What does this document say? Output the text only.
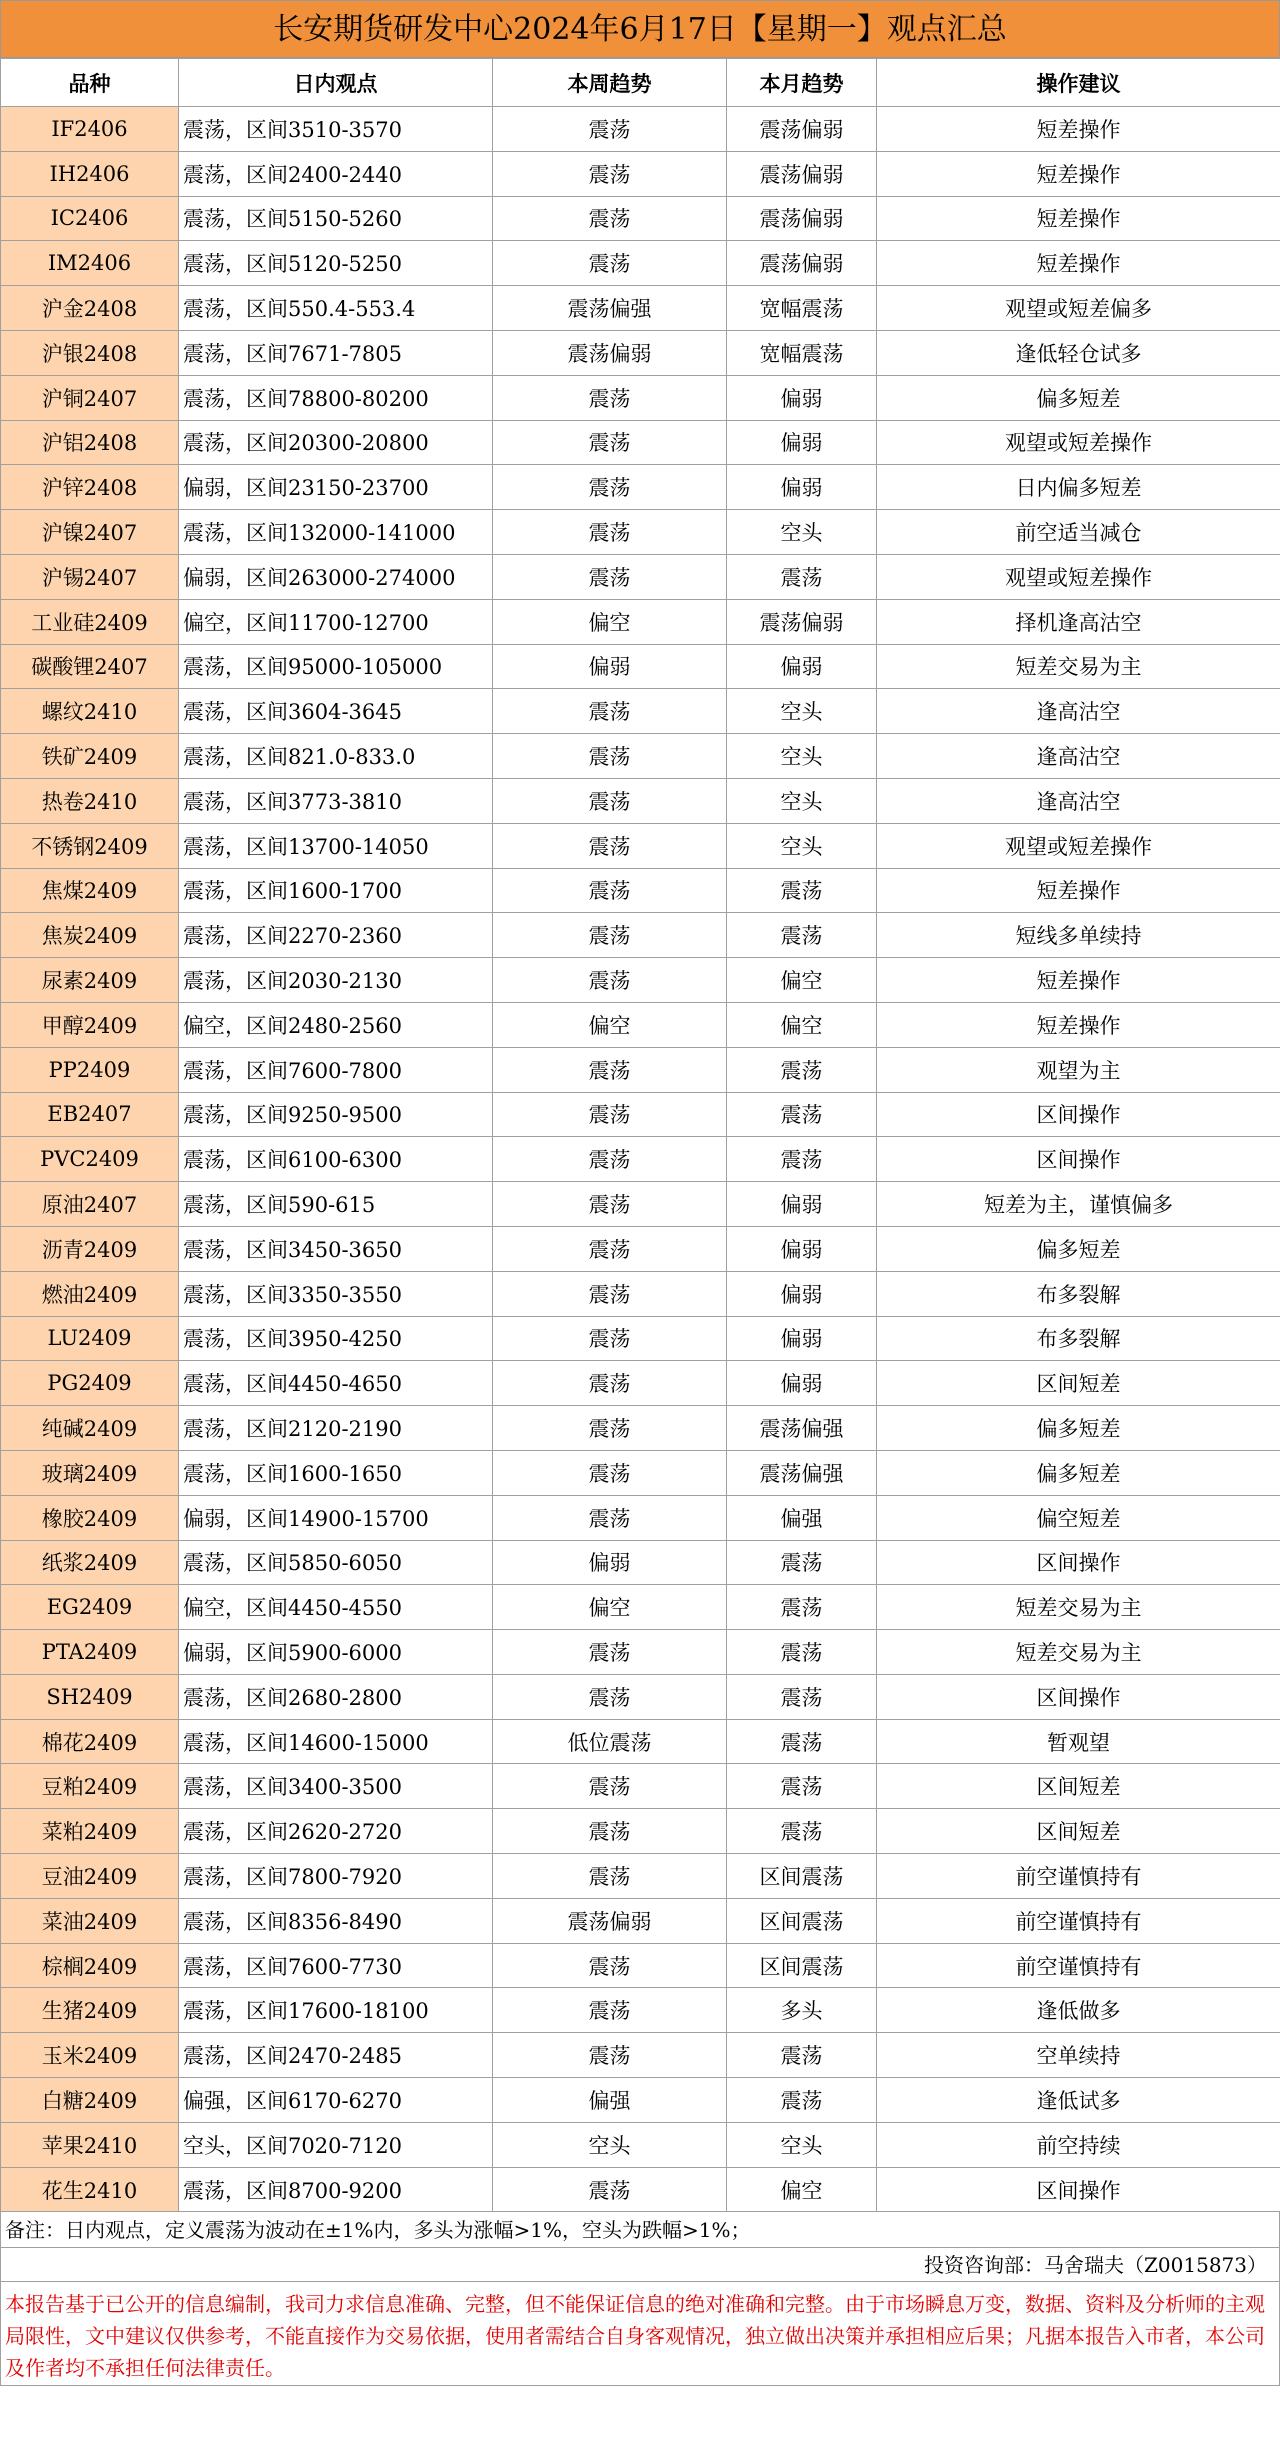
长安期货研发中心2024年6月17日【星期一】观点汇总
品种	日内观点	本周趋势	本月趋势	操作建议
IF2406	震荡，区间3510-3570	震荡	震荡偏弱	短差操作
IH2406	震荡，区间2400-2440	震荡	震荡偏弱	短差操作
IC2406	震荡，区间5150-5260	震荡	震荡偏弱	短差操作
IM2406	震荡，区间5120-5250	震荡	震荡偏弱	短差操作
沪金2408	震荡，区间550.4-553.4	震荡偏强	宽幅震荡	观望或短差偏多
沪银2408	震荡，区间7671-7805	震荡偏弱	宽幅震荡	逢低轻仓试多
沪铜2407	震荡，区间78800-80200	震荡	偏弱	偏多短差
沪铝2408	震荡，区间20300-20800	震荡	偏弱	观望或短差操作
沪锌2408	偏弱，区间23150-23700	震荡	偏弱	日内偏多短差
沪镍2407	震荡，区间132000-141000	震荡	空头	前空适当减仓
沪锡2407	偏弱，区间263000-274000	震荡	震荡	观望或短差操作
工业硅2409	偏空，区间11700-12700	偏空	震荡偏弱	择机逢高沽空
碳酸锂2407	震荡，区间95000-105000	偏弱	偏弱	短差交易为主
螺纹2410	震荡，区间3604-3645	震荡	空头	逢高沽空
铁矿2409	震荡，区间821.0-833.0	震荡	空头	逢高沽空
热卷2410	震荡，区间3773-3810	震荡	空头	逢高沽空
不锈钢2409	震荡，区间13700-14050	震荡	空头	观望或短差操作
焦煤2409	震荡，区间1600-1700	震荡	震荡	短差操作
焦炭2409	震荡，区间2270-2360	震荡	震荡	短线多单续持
尿素2409	震荡，区间2030-2130	震荡	偏空	短差操作
甲醇2409	偏空，区间2480-2560	偏空	偏空	短差操作
PP2409	震荡，区间7600-7800	震荡	震荡	观望为主
EB2407	震荡，区间9250-9500	震荡	震荡	区间操作
PVC2409	震荡，区间6100-6300	震荡	震荡	区间操作
原油2407	震荡，区间590-615	震荡	偏弱	短差为主，谨慎偏多
沥青2409	震荡，区间3450-3650	震荡	偏弱	偏多短差
燃油2409	震荡，区间3350-3550	震荡	偏弱	布多裂解
LU2409	震荡，区间3950-4250	震荡	偏弱	布多裂解
PG2409	震荡，区间4450-4650	震荡	偏弱	区间短差
纯碱2409	震荡，区间2120-2190	震荡	震荡偏强	偏多短差
玻璃2409	震荡，区间1600-1650	震荡	震荡偏强	偏多短差
橡胶2409	偏弱，区间14900-15700	震荡	偏强	偏空短差
纸浆2409	震荡，区间5850-6050	偏弱	震荡	区间操作
EG2409	偏空，区间4450-4550	偏空	震荡	短差交易为主
PTA2409	偏弱，区间5900-6000	震荡	震荡	短差交易为主
SH2409	震荡，区间2680-2800	震荡	震荡	区间操作
棉花2409	震荡，区间14600-15000	低位震荡	震荡	暂观望
豆粕2409	震荡，区间3400-3500	震荡	震荡	区间短差
菜粕2409	震荡，区间2620-2720	震荡	震荡	区间短差
豆油2409	震荡，区间7800-7920	震荡	区间震荡	前空谨慎持有
菜油2409	震荡，区间8356-8490	震荡偏弱	区间震荡	前空谨慎持有
棕榈2409	震荡，区间7600-7730	震荡	区间震荡	前空谨慎持有
生猪2409	震荡，区间17600-18100	震荡	多头	逢低做多
玉米2409	震荡，区间2470-2485	震荡	震荡	空单续持
白糖2409	偏强，区间6170-6270	偏强	震荡	逢低试多
苹果2410	空头，区间7020-7120	空头	空头	前空持续
花生2410	震荡，区间8700-9200	震荡	偏空	区间操作
备注：日内观点，定义震荡为波动在±1%内，多头为涨幅>1%，空头为跌幅>1%；
投资咨询部：马舍瑞夫（Z0015873）
本报告基于已公开的信息编制，我司力求信息准确、完整，但不能保证信息的绝对准确和完整。由于市场瞬息万变，数据、资料及分析师的主观局限性，文中建议仅供参考，不能直接作为交易依据，使用者需结合自身客观情况，独立做出决策并承担相应后果；凡据本报告入市者，本公司及作者均不承担任何法律责任。
